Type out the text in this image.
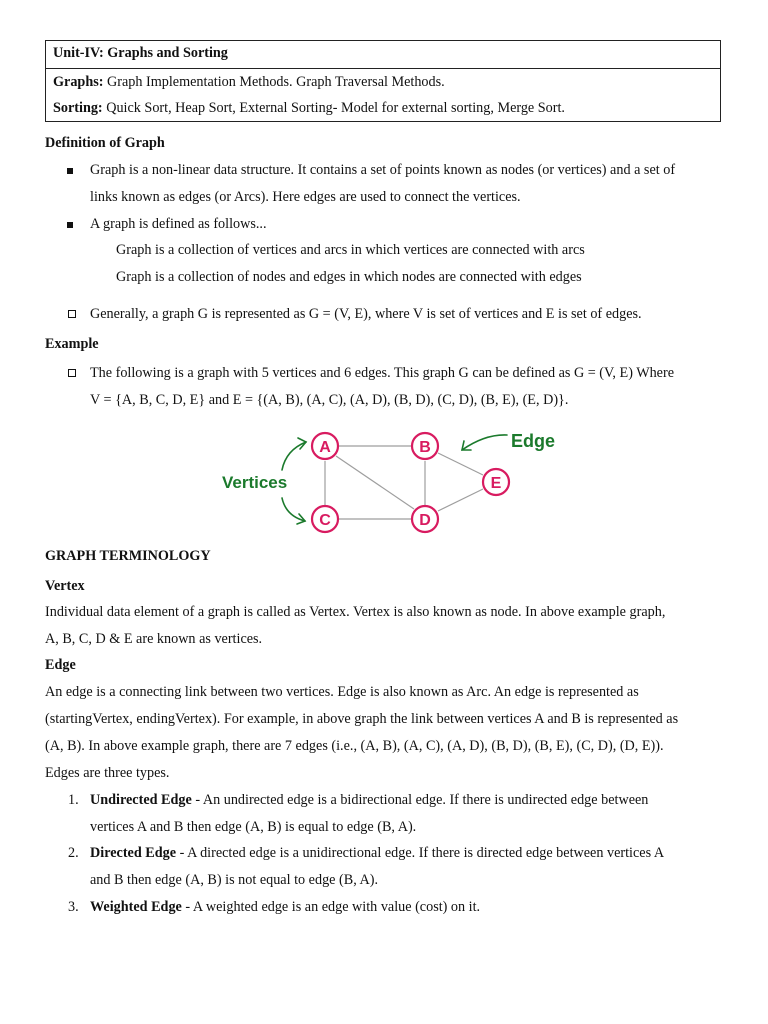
Unit-IV: Graphs and Sorting
Graphs: Graph Implementation Methods. Graph Traversal Methods.
Sorting: Quick Sort, Heap Sort, External Sorting- Model for external sorting, Merge Sort.
Definition of Graph
Graph is a non-linear data structure. It contains a set of points known as nodes (or vertices) and a set of
links known as edges (or Arcs). Here edges are used to connect the vertices.
A graph is defined as follows...
Graph is a collection of vertices and arcs in which vertices are connected with arcs
Graph is a collection of nodes and edges in which nodes are connected with edges
Generally, a graph G is represented as G = (V, E), where V is set of vertices and E is set of edges.
Example
The following is a graph with 5 vertices and 6 edges. This graph G can be defined as G = (V, E) Where
V = {A, B, C, D, E} and E = {(A, B), (A, C), (A, D), (B, D), (C, D), (B, E), (E, D)}.
A	B
C	D
E
Vertices
Edge
GRAPH TERMINOLOGY
Vertex
Individual data element of a graph is called as Vertex. Vertex is also known as node. In above example graph,
A, B, C, D & E are known as vertices.
Edge
An edge is a connecting link between two vertices. Edge is also known as Arc. An edge is represented as
(startingVertex, endingVertex). For example, in above graph the link between vertices A and B is represented as
(A, B). In above example graph, there are 7 edges (i.e., (A, B), (A, C), (A, D), (B, D), (B, E), (C, D), (D, E)).
Edges are three types.
1. Undirected Edge - An undirected edge is a bidirectional edge. If there is undirected edge between
vertices A and B then edge (A, B) is equal to edge (B, A).
2. Directed Edge - A directed edge is a unidirectional edge. If there is directed edge between vertices A
and B then edge (A, B) is not equal to edge (B, A).
3. Weighted Edge - A weighted edge is an edge with value (cost) on it.
